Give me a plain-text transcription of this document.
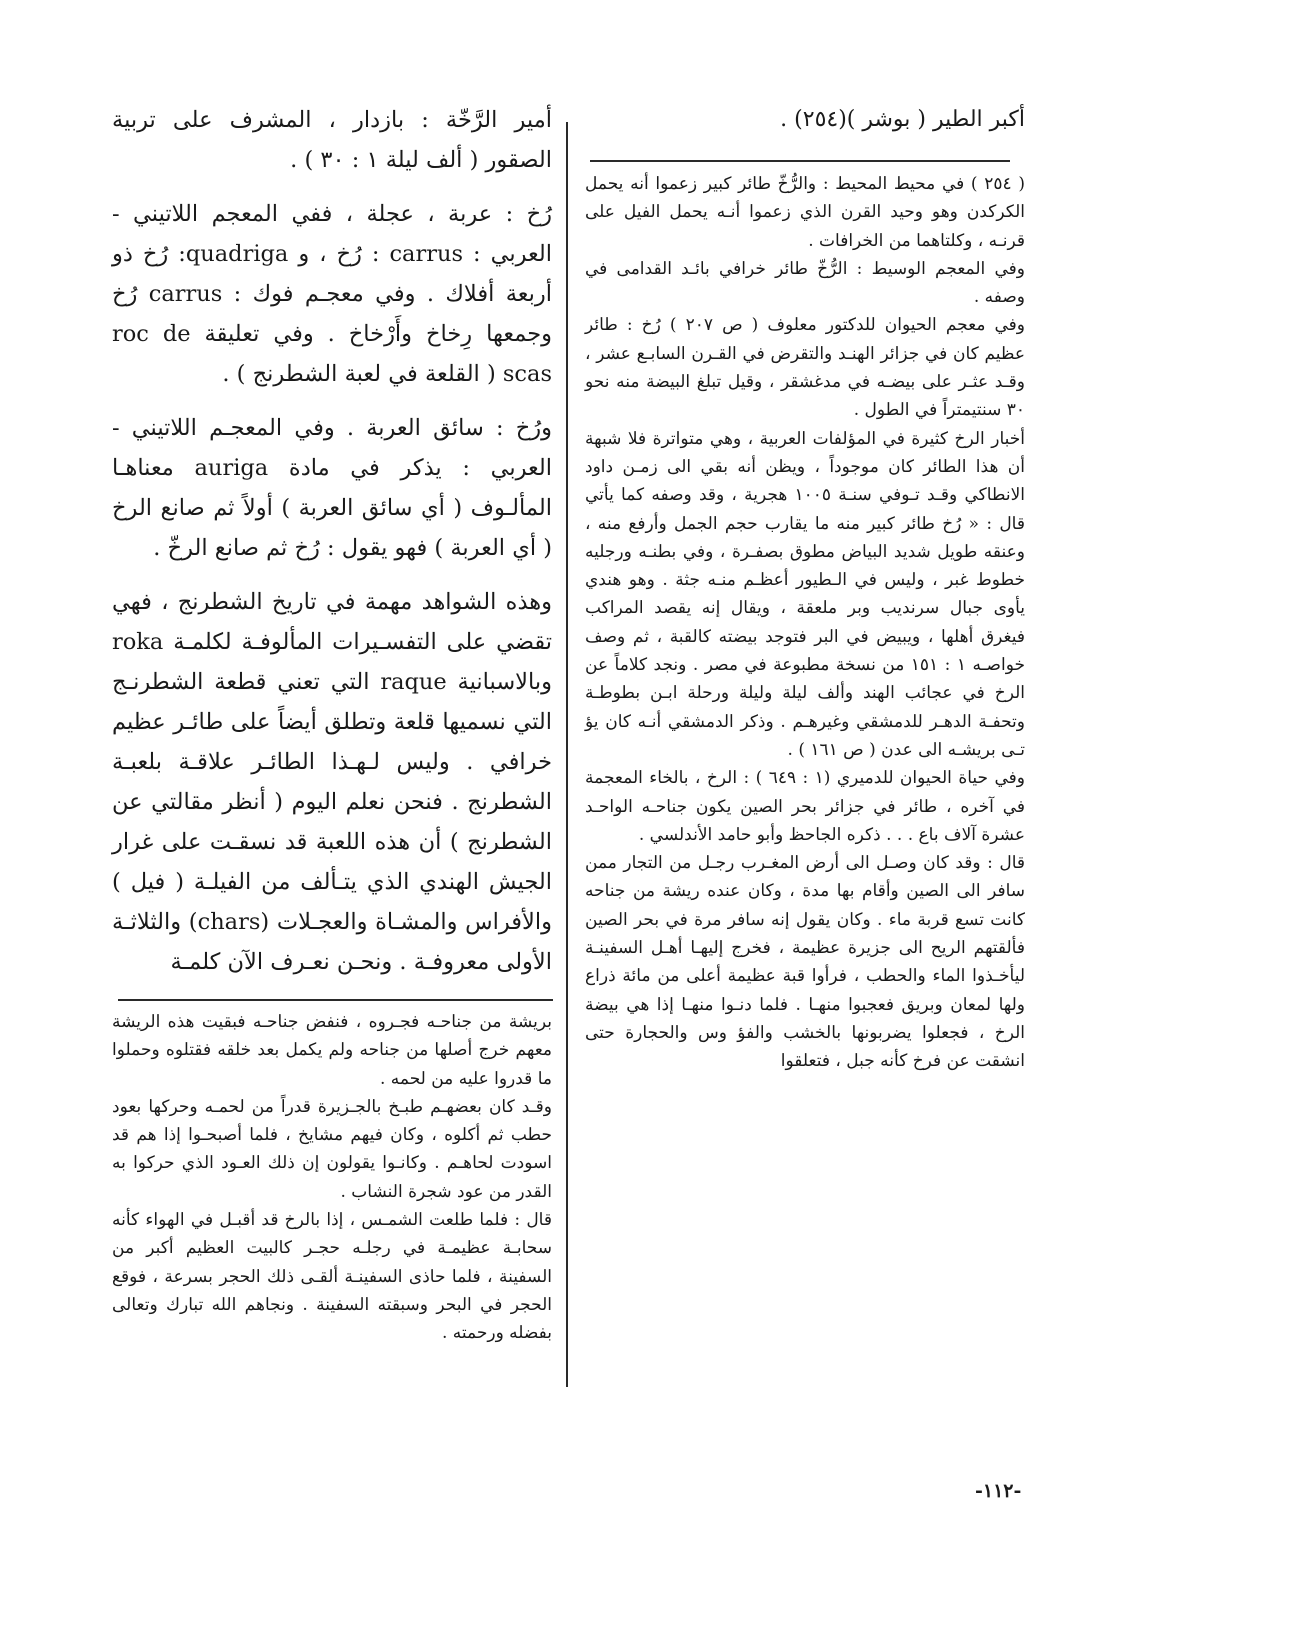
أكبر الطير ( بوشر )(٢٥٤) .

( ٢٥٤ ) في محيط المحيط : والرُّخّ طائر كبير زعموا أنه يحمل الكركدن وهو وحيد القرن الذي زعموا أنـه يحمل الفيل على قرنـه ، وكلتاهما من الخرافات .

وفي المعجم الوسيط : الرُّخّ طائر خرافي بائـد القدامى في وصفه .

وفي معجم الحيوان للدكتور معلوف ( ص ٢٠٧ ) رُخ : طائر عظيم كان في جزائر الهنـد والتقرض في القـرن السابـع عشر ، وقـد عثـر على بيضـه في مدغشقر ، وقيل تبلغ البيضة منه نحو ٣٠ سنتيمتراً في الطول .

أخبار الرخ كثيرة في المؤلفات العربية ، وهي متواترة فلا شبهة أن هذا الطائر كان موجوداً ، ويظن أنه بقي الى زمـن داود الانطاكي وقـد تـوفي سنـة ١٠٠٥ هجرية ، وقد وصفه كما يأتي قال : « رُخ طائر كبير منه ما يقارب حجم الجمل وأرفع منه ، وعنقه طويل شديد البياض مطوق بصفـرة ، وفي بطنـه ورجليه خطوط غبر ، وليس في الـطيور أعظـم منـه جثة . وهو هندي يأوى جبال سرنديب وبر ملعقة ، ويقال إنه يقصد المراكب فيغرق أهلها ، ويبيض في البر فتوجد بيضته كالقبة ، ثم وصف خواصـه ١ : ١٥١ من نسخة مطبوعة في مصر . ونجد كلاماً عن الرخ في عجائب الهند وألف ليلة وليلة ورحلة ابـن بطوطـة وتحفـة الدهـر للدمشقي وغيرهـم . وذكر الدمشقي أنـه كان يؤ تـى بريشـه الى عدن ( ص ١٦١ ) .

وفي حياة الحيوان للدميري (١ : ٦٤٩ ) : الرخ ، بالخاء المعجمة في آخره ، طائر في جزائر بحر الصين يكون جناحـه الواحـد عشرة آلاف باع . . . ذكره الجاحظ وأبو حامد الأندلسي .

قال : وقد كان وصـل الى أرض المغـرب رجـل من التجار ممن سافر الى الصين وأقام بها مدة ، وكان عنده ريشة من جناحه كانت تسع قربة ماء . وكان يقول إنه سافر مرة في بحر الصين فألقتهم الريح الى جزيرة عظيمة ، فخرج إليهـا أهـل السفينـة ليأخـذوا الماء والحطب ، فرأوا قبة عظيمة أعلى من مائة ذراع ولها لمعان وبريق فعجبوا منهـا . فلما دنـوا منهـا إذا هي بيضة الرخ ، فجعلوا يضربونها بالخشب والفؤ وس والحجارة حتى انشقت عن فرخ كأنه جبل ، فتعلقوا

أمير الرَّخّة : بازدار ، المشرف على تربية الصقور ( ألف ليلة ١ : ٣٠ ) .

رُخ : عربة ، عجلة ، ففي المعجم اللاتيني - العربي : carrus : رُخ ، و quadriga: رُخ ذو أربعة أفلاك . وفي معجـم فوك : carrus رُخ وجمعها رِخاخ وأَرْخاخ . وفي تعليقة roc de scas ( القلعة في لعبة الشطرنج ) .

ورُخ : سائق العربة . وفي المعجـم اللاتيني - العربي : يذكر في مادة auriga معناهـا المألـوف ( أي سائق العربة ) أولاً ثم صانع الرخ ( أي العربة ) فهو يقول : رُخ ثم صانع الرخّ .

وهذه الشواهد مهمة في تاريخ الشطرنج ، فهي تقضي على التفسـيرات المألوفـة لكلمـة roka وبالاسبانية raque التي تعني قطعة الشطرنـج التي نسميها قلعة وتطلق أيضاً على طائـر عظيم خرافي . وليس لـهـذا الطائـر علاقـة بلعبـة الشطرنج . فنحن نعلم اليوم ( أنظر مقالتي عن الشطرنج ) أن هذه اللعبة قد نسقـت على غرار الجيش الهندي الذي يتـألف من الفيلـة ( فيل ) والأفراس والمشـاة والعجـلات (chars) والثلاثـة الأولى معروفـة . ونحـن نعـرف الآن كلمـة

بريشة من جناحـه فجـروه ، فنفض جناحـه فبقيت هذه الريشة معهم خرج أصلها من جناحه ولم يكمل بعد خلقه فقتلوه وحملوا ما قدروا عليه من لحمه .

وقـد كان بعضهـم طبـخ بالجـزيرة قدراً من لحمـه وحركها بعود حطب ثم أكلوه ، وكان فيهم مشايخ ، فلما أصبحـوا إذا هم قد اسودت لحاهـم . وكانـوا يقولون إن ذلك العـود الذي حركوا به القدر من عود شجرة النشاب .

قال : فلما طلعت الشمـس ، إذا بالرخ قد أقبـل في الهواء كأنه سحابـة عظيمـة في رجلـه حجـر كالبيت العظيم أكبر من السفينة ، فلما حاذى السفينـة ألقـى ذلك الحجر بسرعة ، فوقع الحجر في البحر وسبقته السفينة . ونجاهم الله تبارك وتعالى بفضله ورحمته .

-١١٢-
